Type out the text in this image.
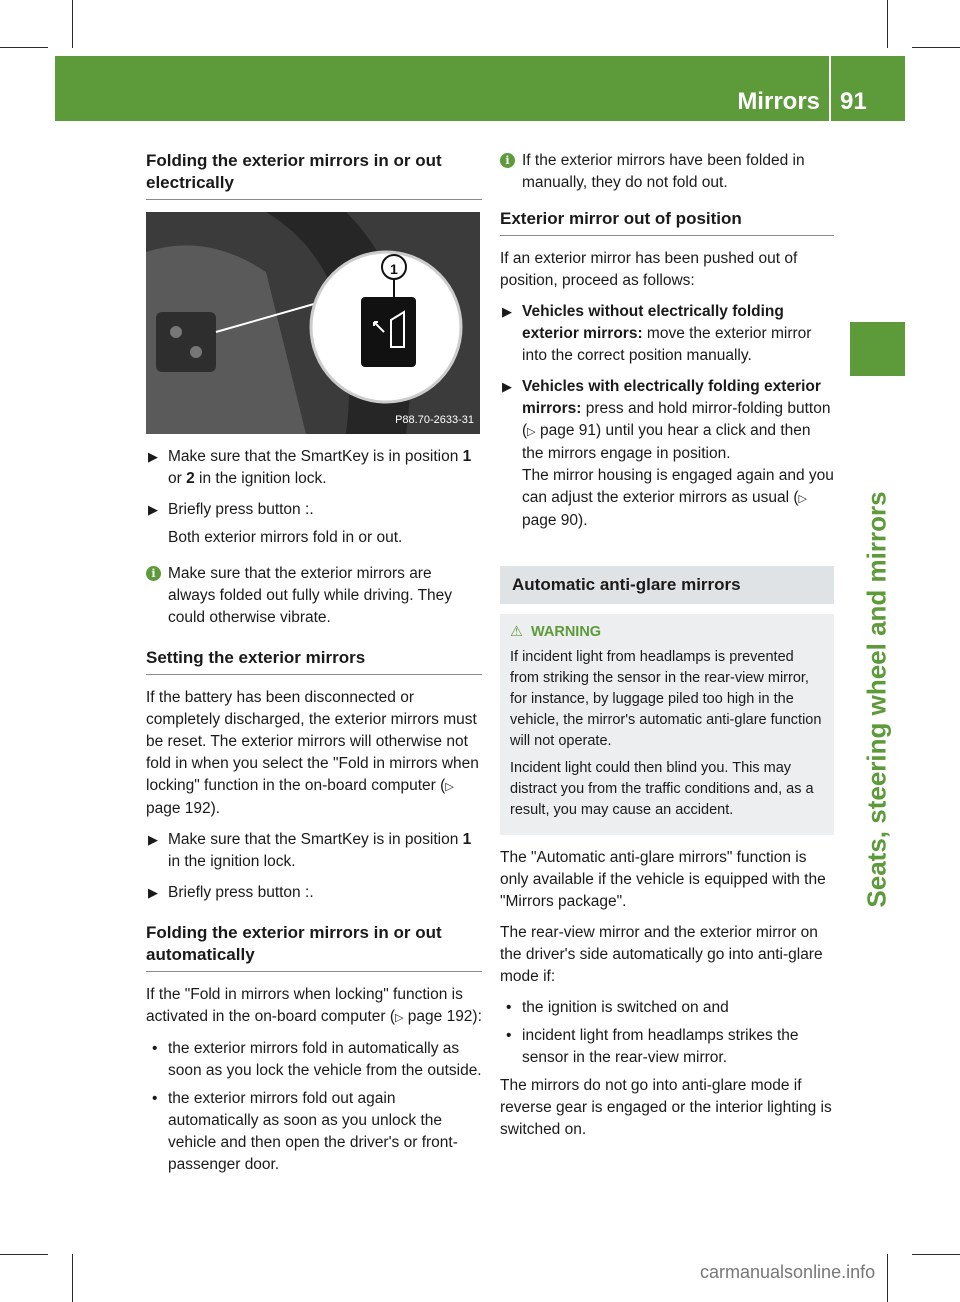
Mirrors 91
Seats, steering wheel and mirrors
Folding the exterior mirrors in or out electrically
1
P88.70-2633-31
▶ Make sure that the SmartKey is in position 1 or 2 in the ignition lock.
▶ Briefly press button :.
Both exterior mirrors fold in or out.
i Make sure that the exterior mirrors are always folded out fully while driving. They could otherwise vibrate.
Setting the exterior mirrors

If the battery has been disconnected or completely discharged, the exterior mirrors must be reset. The exterior mirrors will otherwise not fold in when you select the "Fold in mirrors when locking" function in the on-board computer (▷ page 192).

▶ Make sure that the SmartKey is in position 1 in the ignition lock.
▶ Briefly press button :.
Folding the exterior mirrors in or out automatically

If the "Fold in mirrors when locking" function is activated in the on-board computer (▷ page 192):

• the exterior mirrors fold in automatically as soon as you lock the vehicle from the outside.
• the exterior mirrors fold out again automatically as soon as you unlock the vehicle and then open the driver's or front-passenger door.
i If the exterior mirrors have been folded in manually, they do not fold out.
Exterior mirror out of position

If an exterior mirror has been pushed out of position, proceed as follows:

▶ Vehicles without electrically folding exterior mirrors: move the exterior mirror into the correct position manually.
▶ Vehicles with electrically folding exterior mirrors: press and hold mirror-folding button (▷ page 91) until you hear a click and then the mirrors engage in position.
The mirror housing is engaged again and you can adjust the exterior mirrors as usual (▷ page 90).
Automatic anti-glare mirrors
⚠ WARNING

If incident light from headlamps is prevented from striking the sensor in the rear-view mirror, for instance, by luggage piled too high in the vehicle, the mirror's automatic anti-glare function will not operate.

Incident light could then blind you. This may distract you from the traffic conditions and, as a result, you may cause an accident.

The "Automatic anti-glare mirrors" function is only available if the vehicle is equipped with the "Mirrors package".

The rear-view mirror and the exterior mirror on the driver's side automatically go into anti-glare mode if:

• the ignition is switched on and
• incident light from headlamps strikes the sensor in the rear-view mirror.

The mirrors do not go into anti-glare mode if reverse gear is engaged or the interior lighting is switched on.

carmanualsonline.info
